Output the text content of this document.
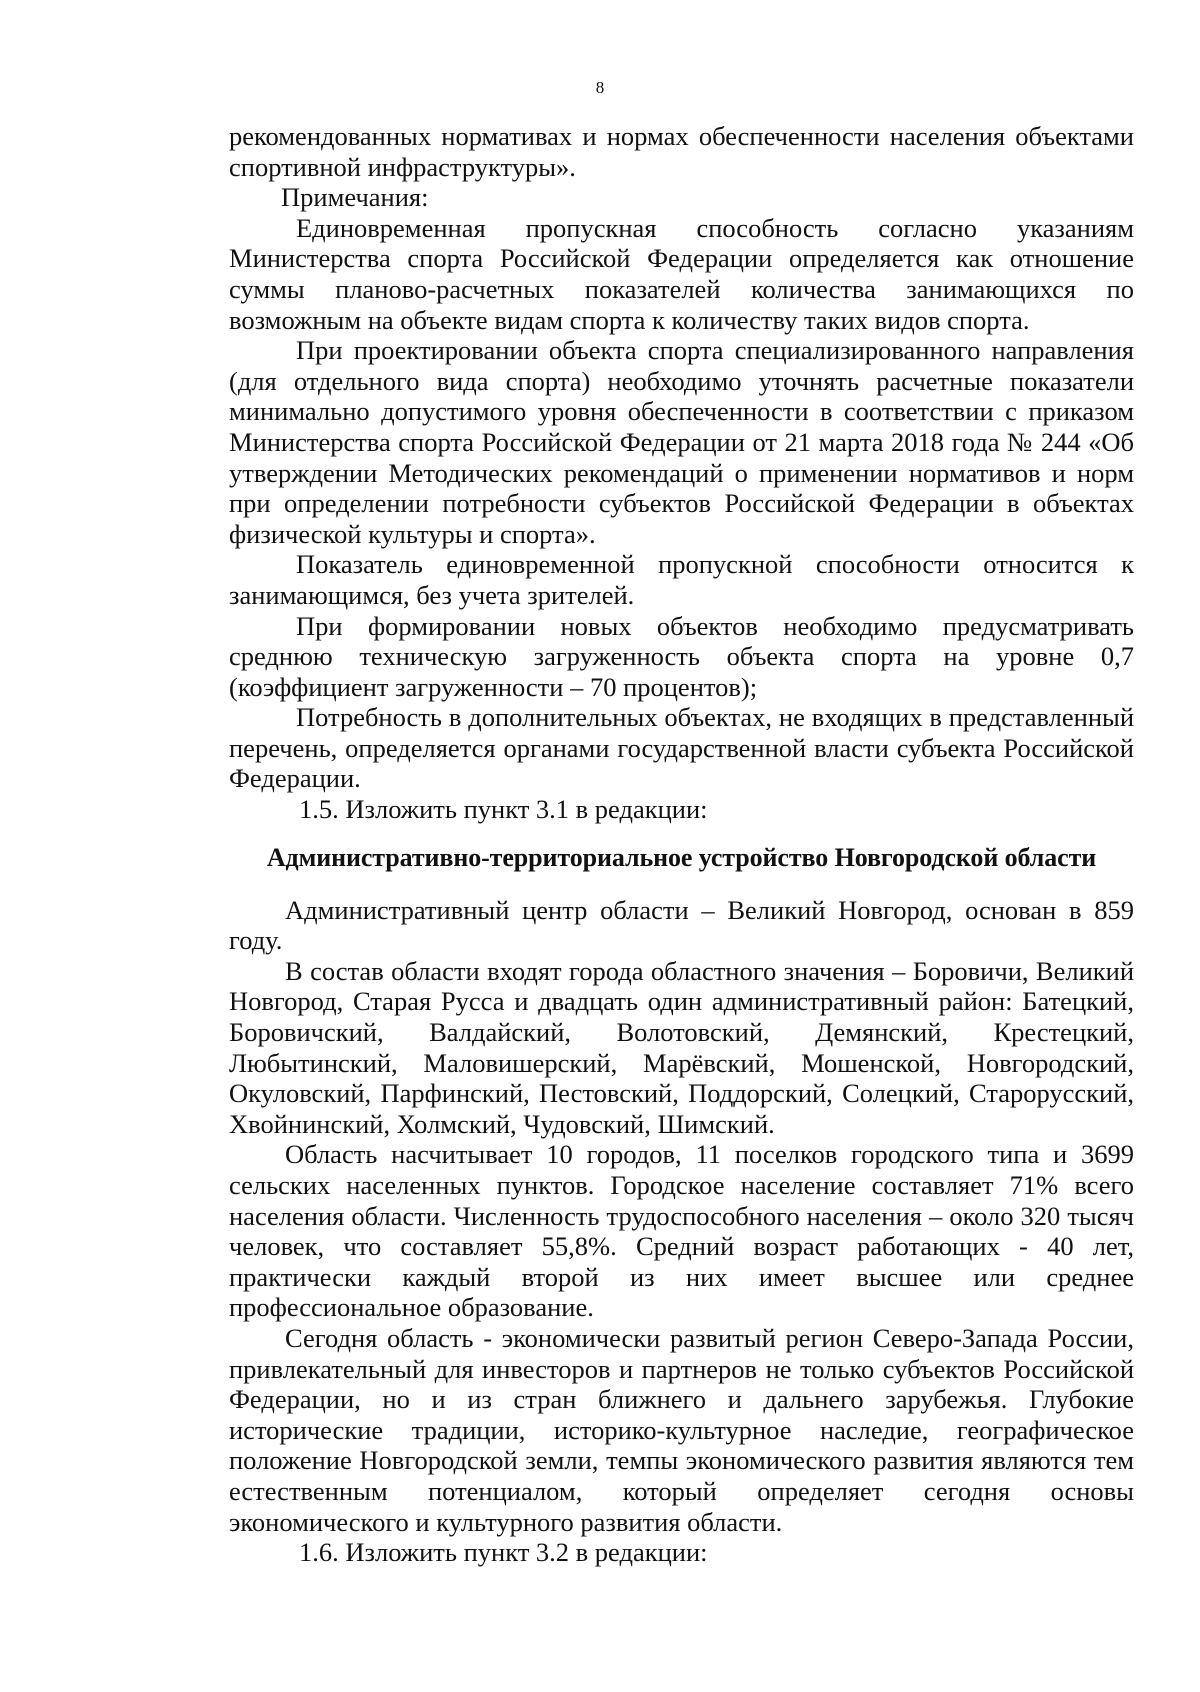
8

рекомендованных нормативах и нормах обеспеченности населения объектами спортивной инфраструктуры».

Примечания:

Единовременная пропускная способность согласно указаниям Министерства спорта Российской Федерации определяется как отношение суммы планово-расчетных показателей количества занимающихся по возможным на объекте видам спорта к количеству таких видов спорта.

При проектировании объекта спорта специализированного направления (для отдельного вида спорта) необходимо уточнять расчетные показатели минимально допустимого уровня обеспеченности в соответствии с приказом Министерства спорта Российской Федерации от 21 марта 2018 года № 244 «Об утверждении Методических рекомендаций о применении нормативов и норм при определении потребности субъектов Российской Федерации в объектах физической культуры и спорта».

Показатель единовременной пропускной способности относится к занимающимся, без учета зрителей.

При формировании новых объектов необходимо предусматривать среднюю техническую загруженность объекта спорта на уровне 0,7 (коэффициент загруженности – 70 процентов);

Потребность в дополнительных объектах, не входящих в представленный перечень, определяется органами государственной власти субъекта Российской Федерации.

1.5. Изложить пункт 3.1 в редакции:

Административно-территориальное устройство Новгородской области

Административный центр области – Великий Новгород, основан в 859 году.

В состав области входят города областного значения – Боровичи, Великий Новгород, Старая Русса и двадцать один административный район: Батецкий, Боровичский, Валдайский, Волотовский, Демянский, Крестецкий, Любытинский, Маловишерский, Марёвский, Мошенской, Новгородский, Окуловский, Парфинский, Пестовский, Поддорский, Солецкий, Старорусский, Хвойнинский, Холмский, Чудовский, Шимский.

Область насчитывает 10 городов, 11 поселков городского типа и 3699 сельских населенных пунктов. Городское население составляет 71% всего населения области. Численность трудоспособного населения – около 320 тысяч человек, что составляет 55,8%. Средний возраст работающих - 40 лет, практически каждый второй из них имеет высшее или среднее профессиональное образование.

Сегодня область - экономически развитый регион Северо-Запада России, привлекательный для инвесторов и партнеров не только субъектов Российской Федерации, но и из стран ближнего и дальнего зарубежья. Глубокие исторические традиции, историко-культурное наследие, географическое положение Новгородской земли, темпы экономического развития являются тем естественным потенциалом, который определяет сегодня основы экономического и культурного развития области.

1.6. Изложить пункт 3.2 в редакции:
